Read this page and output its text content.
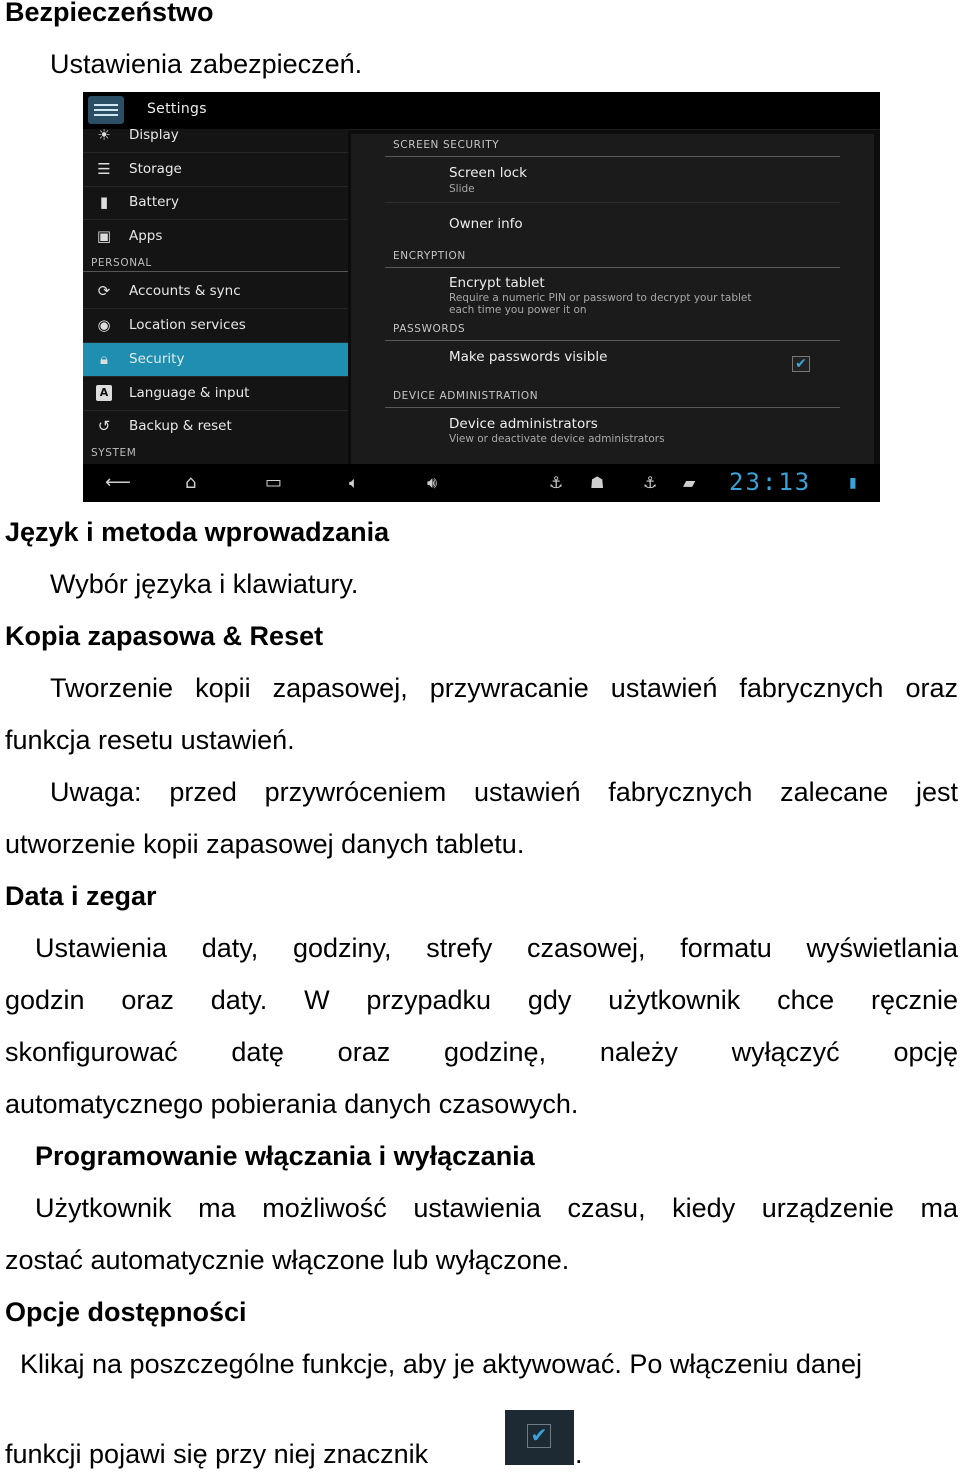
Bezpieczeństwo
Ustawienia zabezpieczeń.
Settings
☀ Display
☰ Storage
▮	Battery
▣ Apps
PERSONAL
⟳ Accounts & sync
◉ Location services
🔒︎	Security
A Language & input
↺ Backup & reset
SYSTEM
SCREEN SECURITY
Screen lock
Slide
Owner info
ENCRYPTION
Encrypt tablet
Require a numeric PIN or password to decrypt your tablet
each time you power it on
PASSWORDS
Make passwords visible	✔
DEVICE ADMINISTRATION
Device administrators
View or deactivate device administrators
⟵	⌂	▭	🔈︎	🔊︎	⚓ ☗ ⚓ ▰ 23:13	▮
Język i metoda wprowadzania
Wybór języka i klawiatury.
Kopia zapasowa & Reset
Tworzenie kopii zapasowej, przywracanie ustawień fabrycznych oraz
funkcja resetu ustawień.
Uwaga: przed przywróceniem ustawień fabrycznych zalecane jest
utworzenie kopii zapasowej danych tabletu.
Data i zegar
Ustawienia daty, godziny, strefy czasowej, formatu wyświetlania
godzin oraz daty. W przypadku gdy użytkownik chce ręcznie
skonfigurować datę oraz godzinę, należy wyłączyć opcję
automatycznego pobierania danych czasowych.
Programowanie włączania i wyłączania
Użytkownik ma możliwość ustawienia czasu, kiedy urządzenie ma
zostać automatycznie włączone lub wyłączone.
Opcje dostępności
Klikaj na poszczególne funkcje, aby je aktywować. Po włączeniu danej
funkcji pojawi się przy niej znacznik
✔
.
